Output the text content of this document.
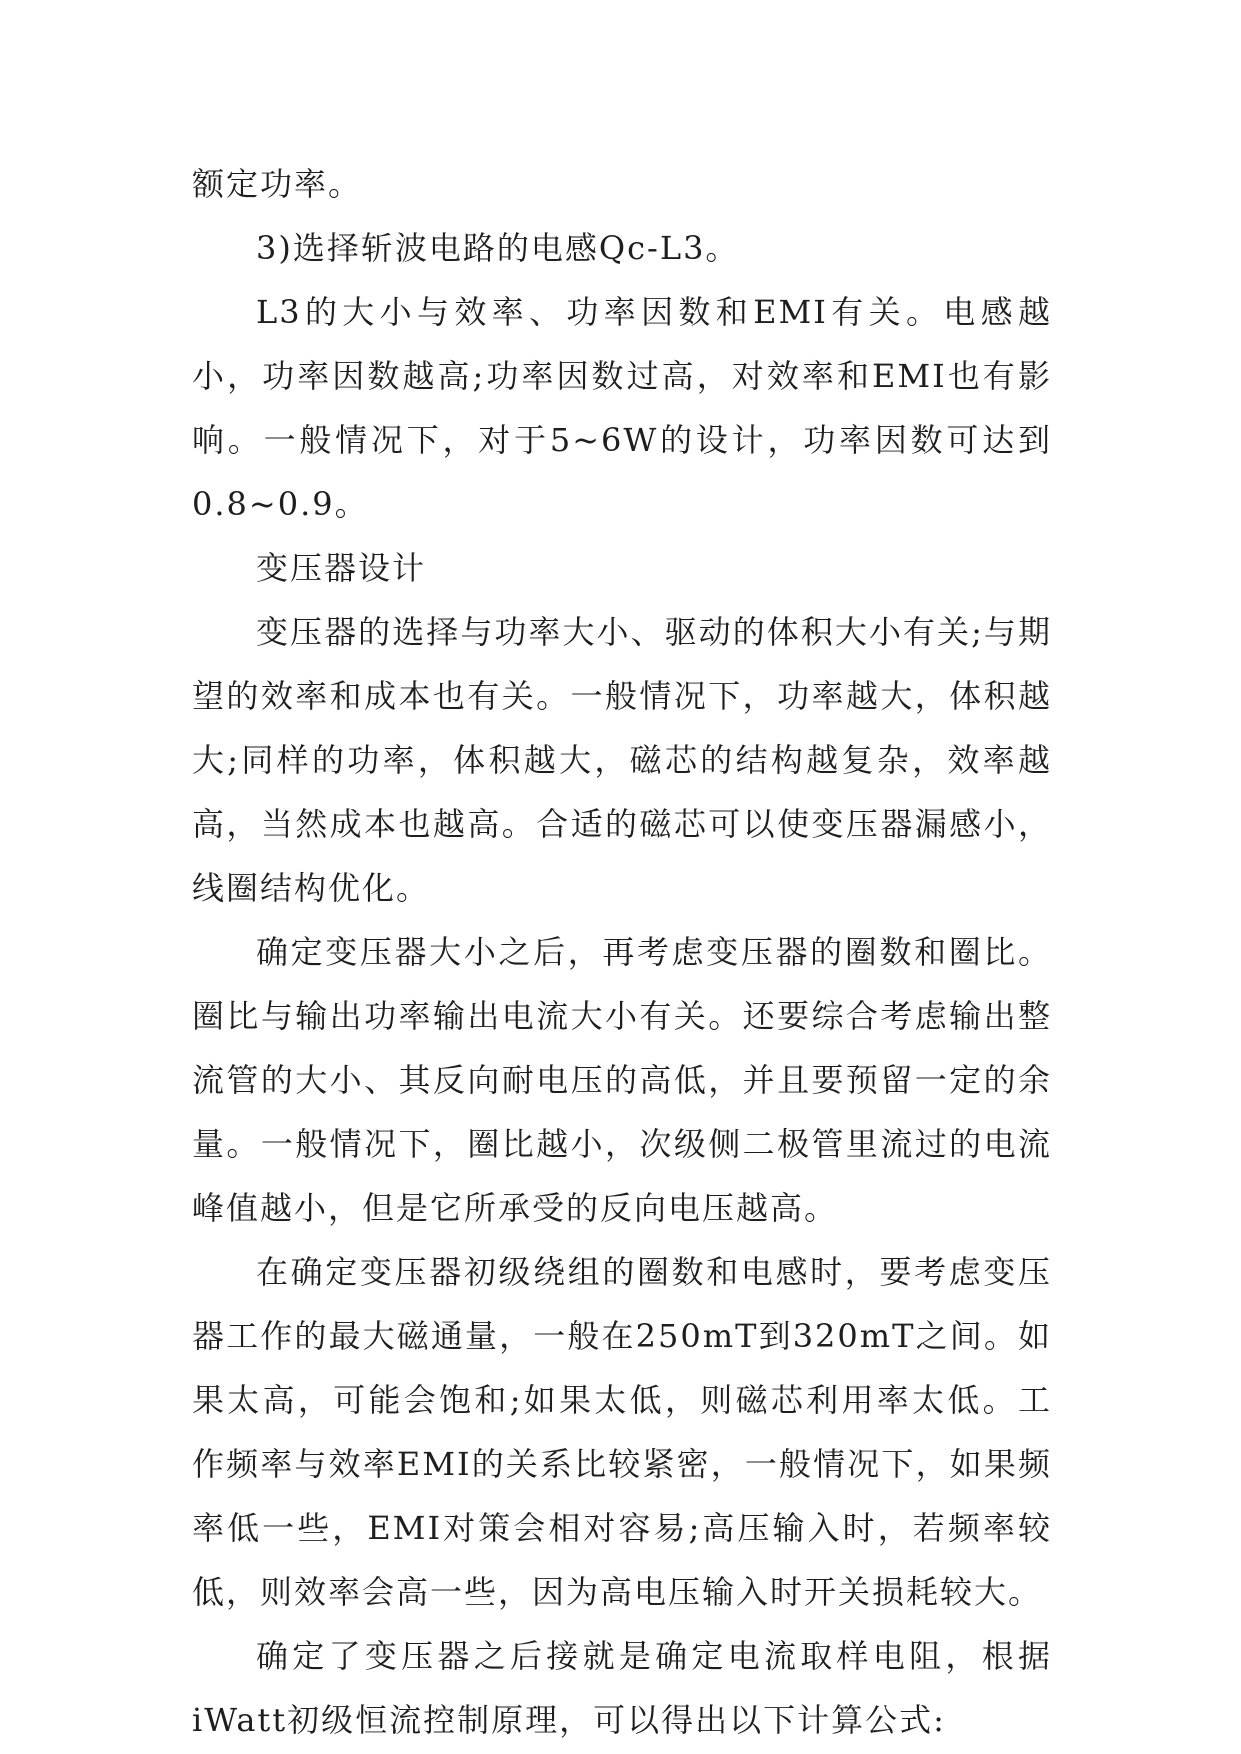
额定功率。

3)选择斩波电路的电感Qc-L3。

L3的大小与效率、功率因数和EMI有关。电感越小，功率因数越高;功率因数过高，对效率和EMI也有影响。一般情况下，对于5~6W的设计，功率因数可达到0.8~0.9。

变压器设计

变压器的选择与功率大小、驱动的体积大小有关;与期望的效率和成本也有关。一般情况下，功率越大，体积越大;同样的功率，体积越大，磁芯的结构越复杂，效率越高，当然成本也越高。合适的磁芯可以使变压器漏感小，线圈结构优化。

确定变压器大小之后，再考虑变压器的圈数和圈比。圈比与输出功率输出电流大小有关。还要综合考虑输出整流管的大小、其反向耐电压的高低，并且要预留一定的余量。一般情况下，圈比越小，次级侧二极管里流过的电流峰值越小，但是它所承受的反向电压越高。

在确定变压器初级绕组的圈数和电感时，要考虑变压器工作的最大磁通量，一般在250mT到320mT之间。如果太高，可能会饱和;如果太低，则磁芯利用率太低。工作频率与效率EMI的关系比较紧密，一般情况下，如果频率低一些，EMI对策会相对容易;高压输入时，若频率较低，则效率会高一些，因为高电压输入时开关损耗较大。

确定了变压器之后接就是确定电流取样电阻，根据iWatt初级恒流控制原理，可以得出以下计算公式:
